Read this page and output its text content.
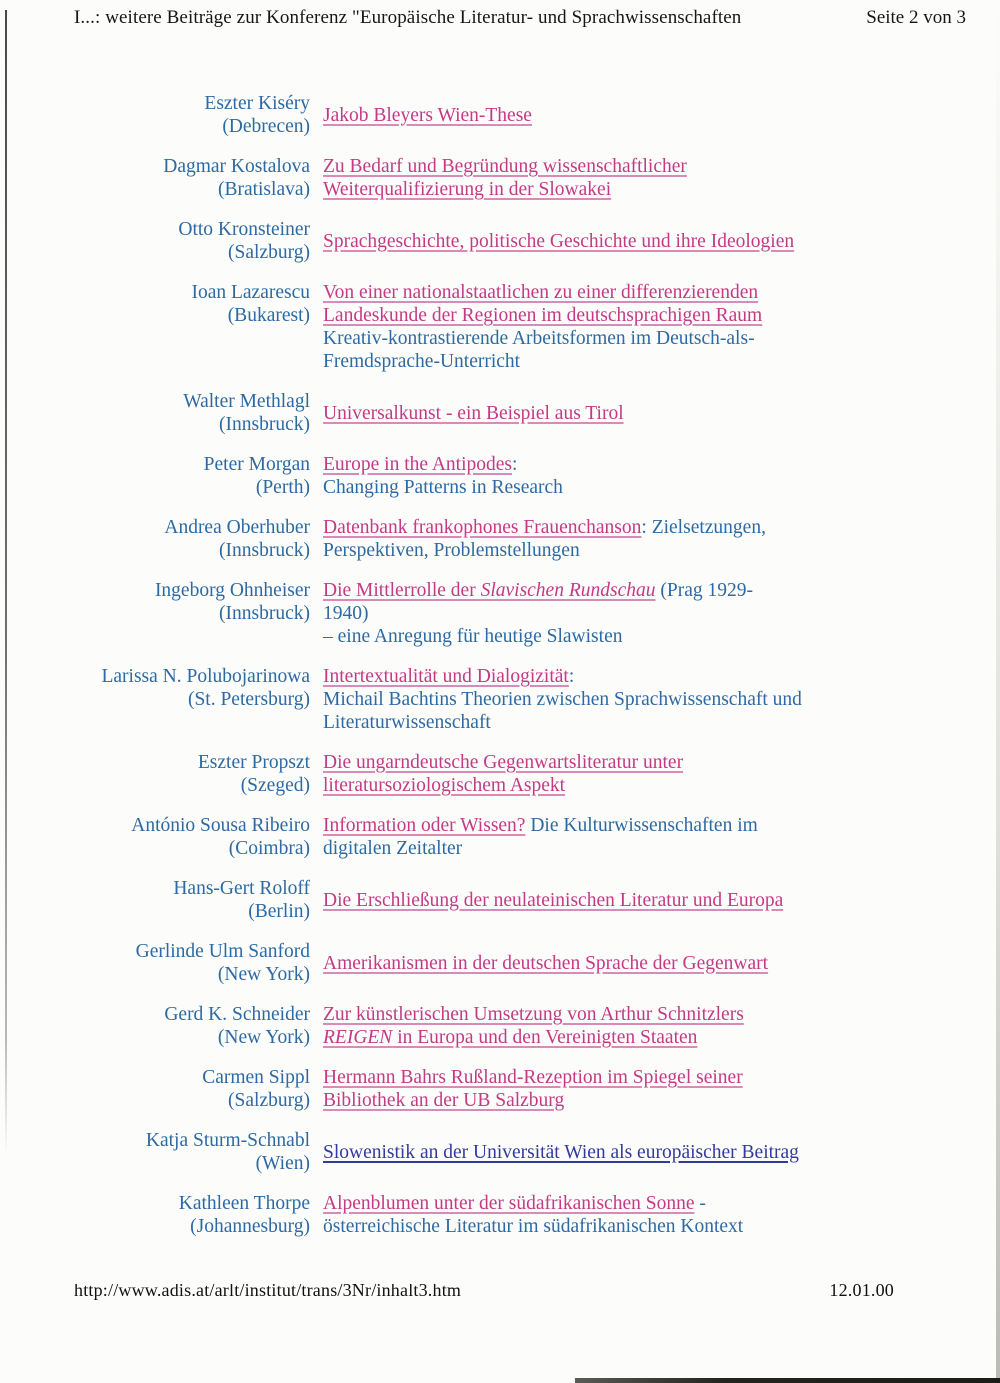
I...: weitere Beiträge zur Konferenz "Europäische Literatur- und Sprachwissenschaften	Seite 2 von 3
Eszter Kiséry
(Debrecen)
Jakob Bleyers Wien-These
Dagmar Kostalova
(Bratislava)
Zu Bedarf und Begründung wissenschaftlicher
Weiterqualifizierung in der Slowakei
Otto Kronsteiner
(Salzburg)
Sprachgeschichte, politische Geschichte und ihre Ideologien
Ioan Lazarescu
(Bukarest)
Von einer nationalstaatlichen zu einer differenzierenden
Landeskunde der Regionen im deutschsprachigen Raum
Kreativ-kontrastierende Arbeitsformen im Deutsch-als-
Fremdsprache-Unterricht
Walter Methlagl
(Innsbruck)
Universalkunst - ein Beispiel aus Tirol
Peter Morgan
(Perth)
Europe in the Antipodes:
Changing Patterns in Research
Andrea Oberhuber
(Innsbruck)
Datenbank frankophones Frauenchanson: Zielsetzungen,
Perspektiven, Problemstellungen
Ingeborg Ohnheiser
(Innsbruck)
Die Mittlerrolle der Slavischen Rundschau (Prag 1929-
1940)
– eine Anregung für heutige Slawisten
Larissa N. Polubojarinowa
(St. Petersburg)
Intertextualität und Dialogizität:
Michail Bachtins Theorien zwischen Sprachwissenschaft und
Literaturwissenschaft
Eszter Propszt
(Szeged)
Die ungarndeutsche Gegenwartsliteratur unter
literatursoziologischem Aspekt
António Sousa Ribeiro
(Coimbra)
Information oder Wissen? Die Kulturwissenschaften im
digitalen Zeitalter
Hans-Gert Roloff
(Berlin)
Die Erschließung der neulateinischen Literatur und Europa
Gerlinde Ulm Sanford
(New York)
Amerikanismen in der deutschen Sprache der Gegenwart
Gerd K. Schneider
(New York)
Zur künstlerischen Umsetzung von Arthur Schnitzlers
REIGEN in Europa und den Vereinigten Staaten
Carmen Sippl
(Salzburg)
Hermann Bahrs Rußland-Rezeption im Spiegel seiner
Bibliothek an der UB Salzburg
Katja Sturm-Schnabl
(Wien)
Slowenistik an der Universität Wien als europäischer Beitrag
Kathleen Thorpe
(Johannesburg)
Alpenblumen unter der südafrikanischen Sonne -
österreichische Literatur im südafrikanischen Kontext
http://www.adis.at/arlt/institut/trans/3Nr/inhalt3.htm	12.01.00
